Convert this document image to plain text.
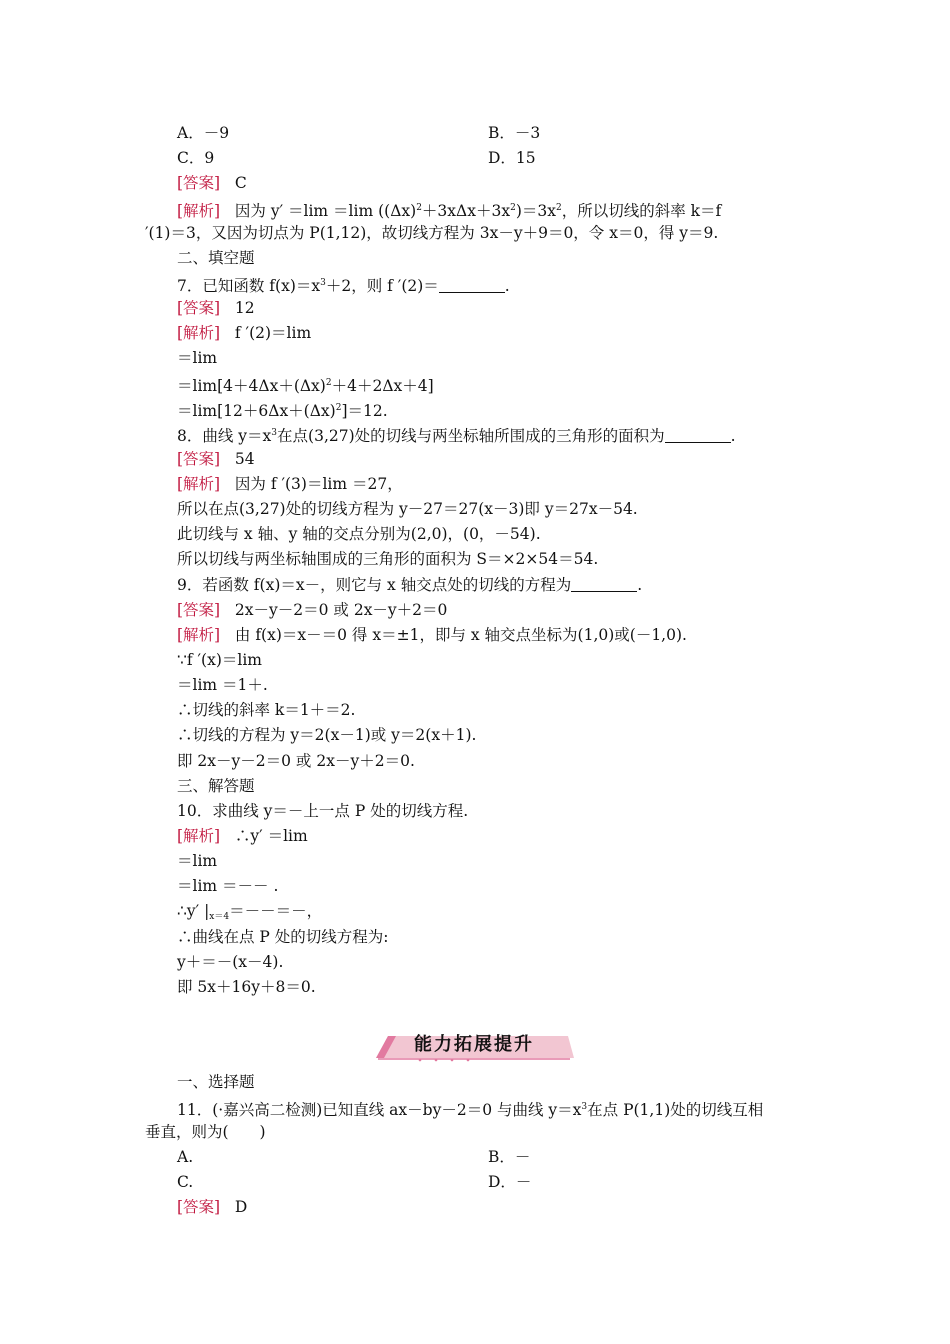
A．－9	B．－3
C．9	D．15
[答案] C
[解析] 因为 y′ ＝lim ＝lim $((\Delta x)^2+3x\Delta x+3x^2)=3x^2$，所以切线的斜率 k＝f
′(1)＝3，又因为切点为 P(1,12)，故切线方程为 3x－y＋9＝0，令 x＝0，得 y＝9.
二、填空题
7．已知函数 $f(x)=x^3+2$，则 f ′(2)＝	.
[答案] 12
[解析] f ′(2)＝lim
＝lim
$=\lim[4+4\Delta x+(\Delta x)^2+4+2\Delta x+4]$
$=\lim[12+6\Delta x+(\Delta x)^2]=12$.
8．曲线 $y=x^3$在点(3,27)处的切线与两坐标轴所围成的三角形的面积为	.
[答案] 54
[解析] 因为 f ′(3)＝lim ＝27，
所以在点(3,27)处的切线方程为 y－27＝27(x－3)即 y＝27x－54.
此切线与 x 轴、y 轴的交点分别为(2,0)，(0，－54).
所以切线与两坐标轴围成的三角形的面积为 S＝×2×54＝54.
9．若函数 f(x)＝x－，则它与 x 轴交点处的切线的方程为	.
[答案] 2x－y－2＝0 或 2x－y＋2＝0
[解析] 由 f(x)＝x－＝0 得 x＝±1，即与 x 轴交点坐标为(1,0)或(－1,0).
∵f ′(x)＝lim
＝lim ＝1＋.
∴切线的斜率 k＝1＋＝2.
∴切线的方程为 y＝2(x－1)或 y＝2(x＋1).
即 2x－y－2＝0 或 2x－y＋2＝0.
三、解答题
10．求曲线 y＝－上一点 P 处的切线方程.
[解析] ∴y′ ＝lim
＝lim
＝lim ＝－－ .
∴y′ $|_{x=4}=--=-$，
∴曲线在点 P 处的切线方程为:
y＋＝－(x－4).
即 5x＋16y＋8＝0.
能力拓展提升
一、选择题
11．(·嘉兴高二检测)已知直线 ax－by－2＝0 与曲线 $y=x^3$在点 P(1,1)处的切线互相
垂直，则为(　　)
A.	B．－
C.	D．－
[答案] D
